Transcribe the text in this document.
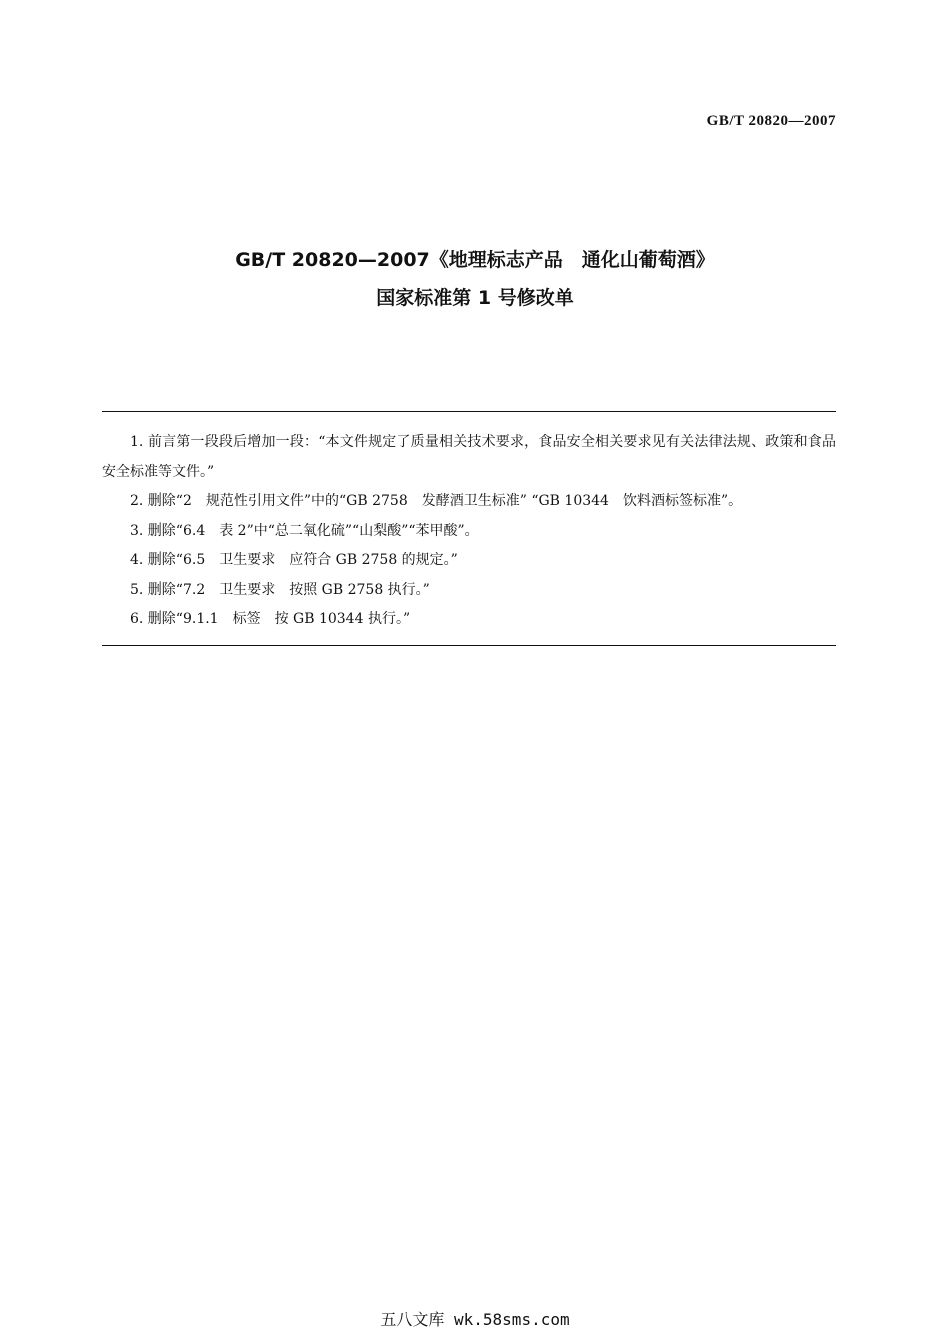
GB/T 20820—2007
GB/T 20820—2007《地理标志产品　通化山葡萄酒》
国家标准第 1 号修改单

1. 前言第一段段后增加一段：“本文件规定了质量相关技术要求，食品安全相关要求见有关法律法规、政策和食品安全标准等文件。”

2. 删除“2　规范性引用文件”中的“GB 2758　发酵酒卫生标准” “GB 10344　饮料酒标签标准”。

3. 删除“6.4　表 2”中“总二氧化硫”“山梨酸”“苯甲酸”。

4. 删除“6.5　卫生要求　应符合 GB 2758 的规定。”

5. 删除“7.2　卫生要求　按照 GB 2758 执行。”

6. 删除“9.1.1　标签　按 GB 10344 执行。”

五八文库 wk.58sms.com
